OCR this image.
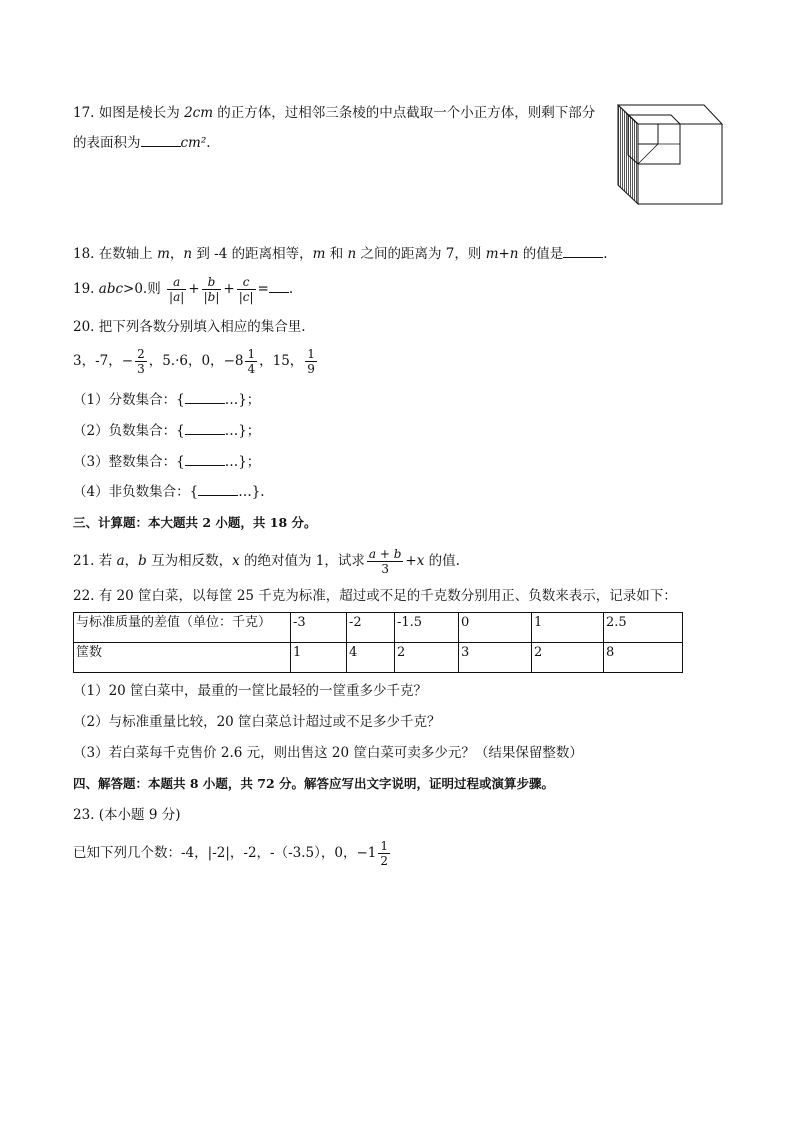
17. 如图是棱长为 2cm 的正方体，过相邻三条棱的中点截取一个小正方体，则剩下部分
的表面积为	cm².
18. 在数轴上 m，n 到 -4 的距离相等，m 和 n 之间的距离为 7，则 m+n 的值是	.
19. abc>0.则 $\frac{a}{|a|} + \frac{b}{|b|} + \frac{c}{|c|}$ = .
20. 把下列各数分别填入相应的集合里.
3，-7，− $\frac{2}{3}$ ，5.·6，0，$-8 \frac{1}{4}$ ，15， $\frac{1}{9}$
（1）分数集合：{	…}；
（2）负数集合：{	…}；
（3）整数集合：{	…}；
（4）非负数集合：{	…}.
三、计算题：本大题共 2 小题，共 18 分。
21. 若 a，b 互为相反数，x 的绝对值为 1，试求 $\frac{a + b}{3} +x$ 的值.
22. 有 20 筐白菜，以每筐 25 千克为标准，超过或不足的千克数分别用正、负数来表示，记录如下：
与标准质量的差值（单位：千克）	-3	-2	-1.5	0	1	2.5
筐数	1	4	2	3	2	8
（1）20 筐白菜中，最重的一筐比最轻的一筐重多少千克？
（2）与标准重量比较，20 筐白菜总计超过或不足多少千克？
（3）若白菜每千克售价 2.6 元，则出售这 20 筐白菜可卖多少元？（结果保留整数）
四、解答题：本题共 8 小题，共 72 分。解答应写出文字说明，证明过程或演算步骤。
23. (本小题 9 分)
已知下列几个数：-4，|-2|，-2，-（-3.5），0，$-1 \frac{1}{2}$
